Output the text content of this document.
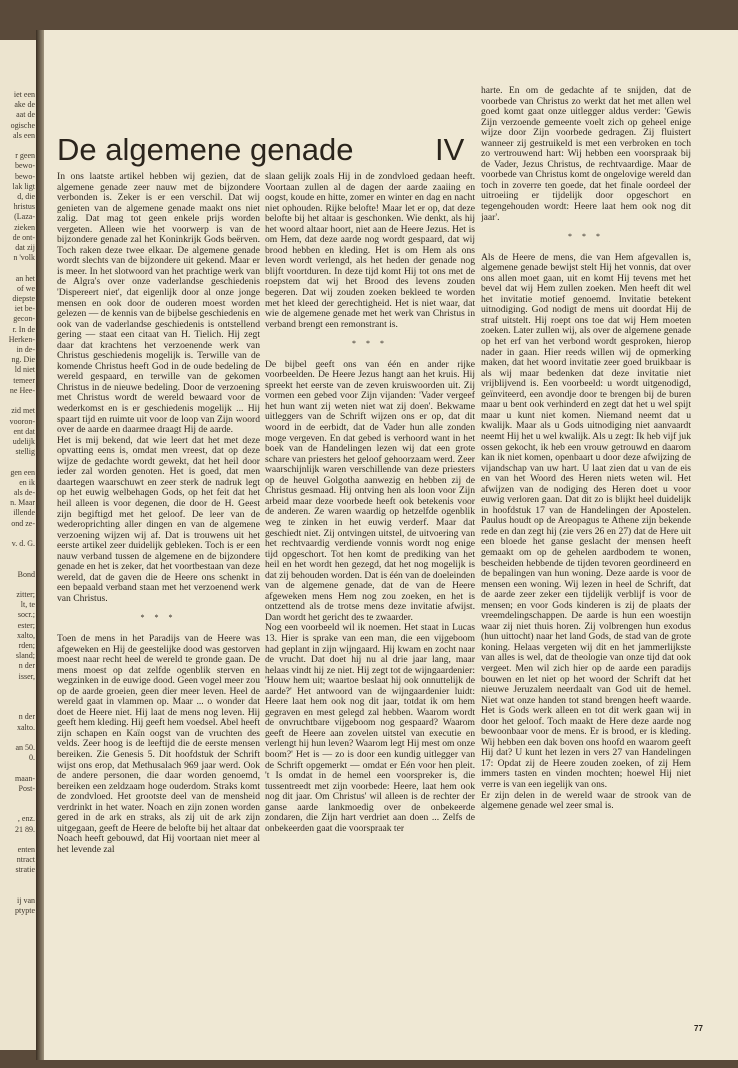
iet een
ake de
aat de
ogische
als een

r geen
bewo-
bewo-
lak ligt
d, die
hristus
(Laza-
zieken
de ont-
dat zij
n 'volk

an het
of we
diepste
iet be-
gecon-
r. In de
Herken-
in de-
ng. Die
ld niet
temeer
ne Hee-

zid met
vooron-
ent dat
udelijk
stellig

gen een
en ik
als de-
n. Maar
illende
ond ze-

v. d. G.

Bond

zitter;
lt, te
socr.;
ester;
xalto,
rden;
sland;
n der
isser,

n der
xalto.

an 50.
0.

maan-
Post-

, enz.
21 89.

enten
ntract
stratie

ij van
ptypte
De algemene genade	IV

In ons laatste artikel hebben wij gezien, dat de algemene genade zeer nauw met de bijzondere verbonden is. Zeker is er een verschil. Dat wij genieten van de algemene genade maakt ons niet zalig. Dat mag tot geen enkele prijs worden vergeten. Alleen wie het voorwerp is van de bijzondere genade zal het Koninkrijk Gods beërven. Toch raken deze twee elkaar. De algemene genade wordt slechts van de bijzondere uit gekend. Maar er is meer. In het slotwoord van het prachtige werk van de Algra's over onze vaderlandse geschiedenis 'Dispereert niet', dat eigenlijk door al onze jonge mensen en ook door de ouderen moest worden gelezen — de kennis van de bijbelse geschiedenis en ook van de vaderlandse geschiedenis is ontstellend gering — staat een citaat van H. Tielich. Hij zegt daar dat krachtens het verzoenende werk van Christus geschiedenis mogelijk is. Terwille van de komende Christus heeft God in de oude bedeling de wereld gespaard, en terwille van de gekomen Christus in de nieuwe bedeling. Door de verzoening met Christus wordt de wereld bewaard voor de wederkomst en is er geschiedenis mogelijk ... Hij spaart tijd en ruimte uit voor de loop van Zijn woord over de aarde en daarmee draagt Hij de aarde.

Het is mij bekend, dat wie leert dat het met deze opvatting eens is, omdat men vreest, dat op deze wijze de gedachte wordt gewekt, dat het heil door ieder zal worden genoten. Het is goed, dat men daartegen waarschuwt en zeer sterk de nadruk legt op het euwig welbehagen Gods, op het feit dat het heil alleen is voor degenen, die door de H. Geest zijn begiftigd met het geloof. De leer van de wederoprichting aller dingen en van de algemene verzoening wijzen wij af. Dat is trouwens uit het eerste artikel zeer duidelijk gebleken. Toch is er een nauw verband tussen de algemene en de bijzondere genade en het is zeker, dat het voortbestaan van deze wereld, dat de gaven die de Heere ons schenkt in een bepaald verband staan met het verzoenend werk van Christus.

* * *

Toen de mens in het Paradijs van de Heere was afgeweken en Hij de geestelijke dood was gestorven moest naar recht heel de wereld te gronde gaan. De mens moest op dat zelfde ogenblik sterven en wegzinken in de euwige dood. Geen vogel meer zou op de aarde groeien, geen dier meer leven. Heel de wereld gaat in vlammen op. Maar ... o wonder dat doet de Heere niet. Hij laat de mens nog leven. Hij geeft hem kleding. Hij geeft hem voedsel. Abel heeft zijn schapen en Kaïn oogst van de vruchten des velds. Zeer hoog is de leeftijd die de eerste mensen bereiken. Zie Genesis 5. Dit hoofdstuk der Schrift wijst ons erop, dat Methusalach 969 jaar werd. Ook de andere personen, die daar worden genoemd, bereiken een zeldzaam hoge ouderdom. Straks komt de zondvloed. Het grootste deel van de mensheid verdrinkt in het water. Noach en zijn zonen worden gered in de ark en straks, als zij uit de ark zijn uitgegaan, geeft de Heere de belofte bij het altaar dat Noach heeft gebouwd, dat Hij voortaan niet meer al het levende zal

slaan gelijk zoals Hij in de zondvloed gedaan heeft. Voortaan zullen al de dagen der aarde zaaiing en oogst, koude en hitte, zomer en winter en dag en nacht niet ophouden. Rijke belofte! Maar let er op, dat deze belofte bij het altaar is geschonken. Wie denkt, als hij het woord altaar hoort, niet aan de Heere Jezus. Het is om Hem, dat deze aarde nog wordt gespaard, dat wij brood hebben en kleding. Het is om Hem als ons leven wordt verlengd, als het heden der genade nog blijft voortduren. In deze tijd komt Hij tot ons met de roepstem dat wij het Brood des levens zouden begeren. Dat wij zouden zoeken bekleed te worden met het kleed der gerechtigheid. Het is niet waar, dat wie de algemene genade met het werk van Christus in verband brengt een remonstrant is.

* * *

De bijbel geeft ons van één en ander rijke voorbeelden. De Heere Jezus hangt aan het kruis. Hij spreekt het eerste van de zeven kruiswoorden uit. Zij vormen een gebed voor Zijn vijanden: 'Vader vergeef het hun want zij weten niet wat zij doen'. Bekwame uitleggers van de Schrift wijzen ons er op, dat dit woord in de eerbidt, dat de Vader hun alle zonden moge vergeven. En dat gebed is verhoord want in het boek van de Handelingen lezen wij dat een grote schare van priesters het geloof gehoorzaam werd. Zeer waarschijnlijk waren verschillende van deze priesters op de heuvel Golgotha aanwezig en hebben zij de Christus gesmaad. Hij ontving hen als loon voor Zijn arbeid maar deze voorbede heeft ook betekenis voor de anderen. Ze waren waardig op hetzelfde ogenblik weg te zinken in het euwig verderf. Maar dat geschiedt niet. Zij ontvingen uitstel, de uitvoering van het rechtvaardig verdiende vonnis wordt nog enige tijd opgeschort. Tot hen komt de prediking van het heil en het wordt hen gezegd, dat het nog mogelijk is dat zij behouden worden. Dat is één van de doeleinden van de algemene genade, dat de van de Heere afgeweken mens Hem nog zou zoeken, en het is ontzettend als de trotse mens deze invitatie afwijst. Dan wordt het gericht des te zwaarder.

Nog een voorbeeld wil ik noemen. Het staat in Lucas 13. Hier is sprake van een man, die een vijgeboom had geplant in zijn wijngaard. Hij kwam en zocht naar de vrucht. Dat doet hij nu al drie jaar lang, maar helaas vindt hij ze niet. Hij zegt tot de wijngaardenier: 'Houw hem uit; waartoe beslaat hij ook onnuttelijk de aarde?' Het antwoord van de wijngaardenier luidt: Heere laat hem ook nog dit jaar, totdat ik om hem gegraven en mest gelegd zal hebben. Waarom wordt de onvruchtbare vijgeboom nog gespaard? Waarom geeft de Heere aan zovelen uitstel van executie en verlengt hij hun leven? Waarom legt Hij mest om onze boom?' Het is — zo is door een kundig uitlegger van de Schrift opgemerkt — omdat er Eén voor hen pleit. 't Is omdat in de hemel een voorspreker is, die tussentreedt met zijn voorbede: Heere, laat hem ook nog dit jaar. Om Christus' wil alleen is de rechter der ganse aarde lankmoedig over de onbekeerde zondaren, die Zijn hart verdriet aan doen ... Zelfs de onbekeerden gaat die voorspraak ter

harte. En om de gedachte af te snijden, dat de voorbede van Christus zo werkt dat het met allen wel goed komt gaat onze uitlegger aldus verder: 'Gewis Zijn verzoende gemeente voelt zich op geheel enige wijze door Zijn voorbede gedragen. Zij fluistert wanneer zij gestruikeld is met een verbroken en toch zo vertrouwend hart: Wij hebben een voorspraak bij de Vader, Jezus Christus, de rechtvaardige. Maar de voorbede van Christus komt de ongelovige wereld dan toch in zoverre ten goede, dat het finale oordeel der uitroeiing er tijdelijk door opgeschort en tegengehouden wordt: Heere laat hem ook nog dit jaar'.

* * *

Als de Heere de mens, die van Hem afgevallen is, algemene genade bewijst stelt Hij het vonnis, dat over ons allen moet gaan, uit en komt Hij tevens met het bevel dat wij Hem zullen zoeken. Men heeft dit wel het invitatie motief genoemd. Invitatie betekent uitnodiging. God nodigt de mens uit doordat Hij de straf uitstelt. Hij roept ons toe dat wij Hem moeten zoeken. Later zullen wij, als over de algemene genade op het erf van het verbond wordt gesproken, hierop nader in gaan. Hier reeds willen wij de opmerking maken, dat het woord invitatie zeer goed bruikbaar is als wij maar bedenken dat deze invitatie niet vrijblijvend is. Een voorbeeld: u wordt uitgenodigd, geïnviteerd, een avondje door te brengen bij de buren maar u bent ook verhinderd en zegt dat het u wel spijt maar u kunt niet komen. Niemand neemt dat u kwalijk. Maar als u Gods uitnodiging niet aanvaardt neemt Hij het u wel kwalijk. Als u zegt: Ik heb vijf juk ossen gekocht, ik heb een vrouw getrouwd en daarom kan ik niet komen, openbaart u door deze afwijzing de vijandschap van uw hart. U laat zien dat u van de eis en van het Woord des Heren niets weten wil. Het afwijzen van de nodiging des Heren doet u voor euwig verloren gaan. Dat dit zo is blijkt heel duidelijk in hoofdstuk 17 van de Handelingen der Apostelen. Paulus houdt op de Areopagus te Athene zijn bekende rede en dan zegt hij (zie vers 26 en 27) dat de Here uit een bloede het ganse geslacht der mensen heeft gemaakt om op de gehelen aardbodem te wonen, bescheiden hebbende de tijden tevoren geordineerd en de bepalingen van hun woning. Deze aarde is voor de mensen een woning. Wij lezen in heel de Schrift, dat de aarde zeer zeker een tijdelijk verblijf is voor de mensen; en voor Gods kinderen is zij de plaats der vreemdelingschappen. De aarde is hun een woestijn waar zij niet thuis horen. Zij volbrengen hun exodus (hun uittocht) naar het land Gods, de stad van de grote koning. Helaas vergeten wij dit en het jammerlijkste van alles is wel, dat de theologie van onze tijd dat ook vergeet. Men wil zich hier op de aarde een paradijs bouwen en let niet op het woord der Schrift dat het nieuwe Jeruzalem neerdaalt van God uit de hemel. Niet wat onze handen tot stand brengen heeft waarde. Het is Gods werk alleen en tot dit werk gaan wij in door het geloof. Toch maakt de Here deze aarde nog bewoonbaar voor de mens. Er is brood, er is kleding. Wij hebben een dak boven ons hoofd en waarom geeft Hij dat? U kunt het lezen in vers 27 van Handelingen 17: Opdat zij de Heere zouden zoeken, of zij Hem immers tasten en vinden mochten; hoewel Hij niet verre is van een iegelijk van ons.

Er zijn delen in de wereld waar de strook van de algemene genade wel zeer smal is.

77
